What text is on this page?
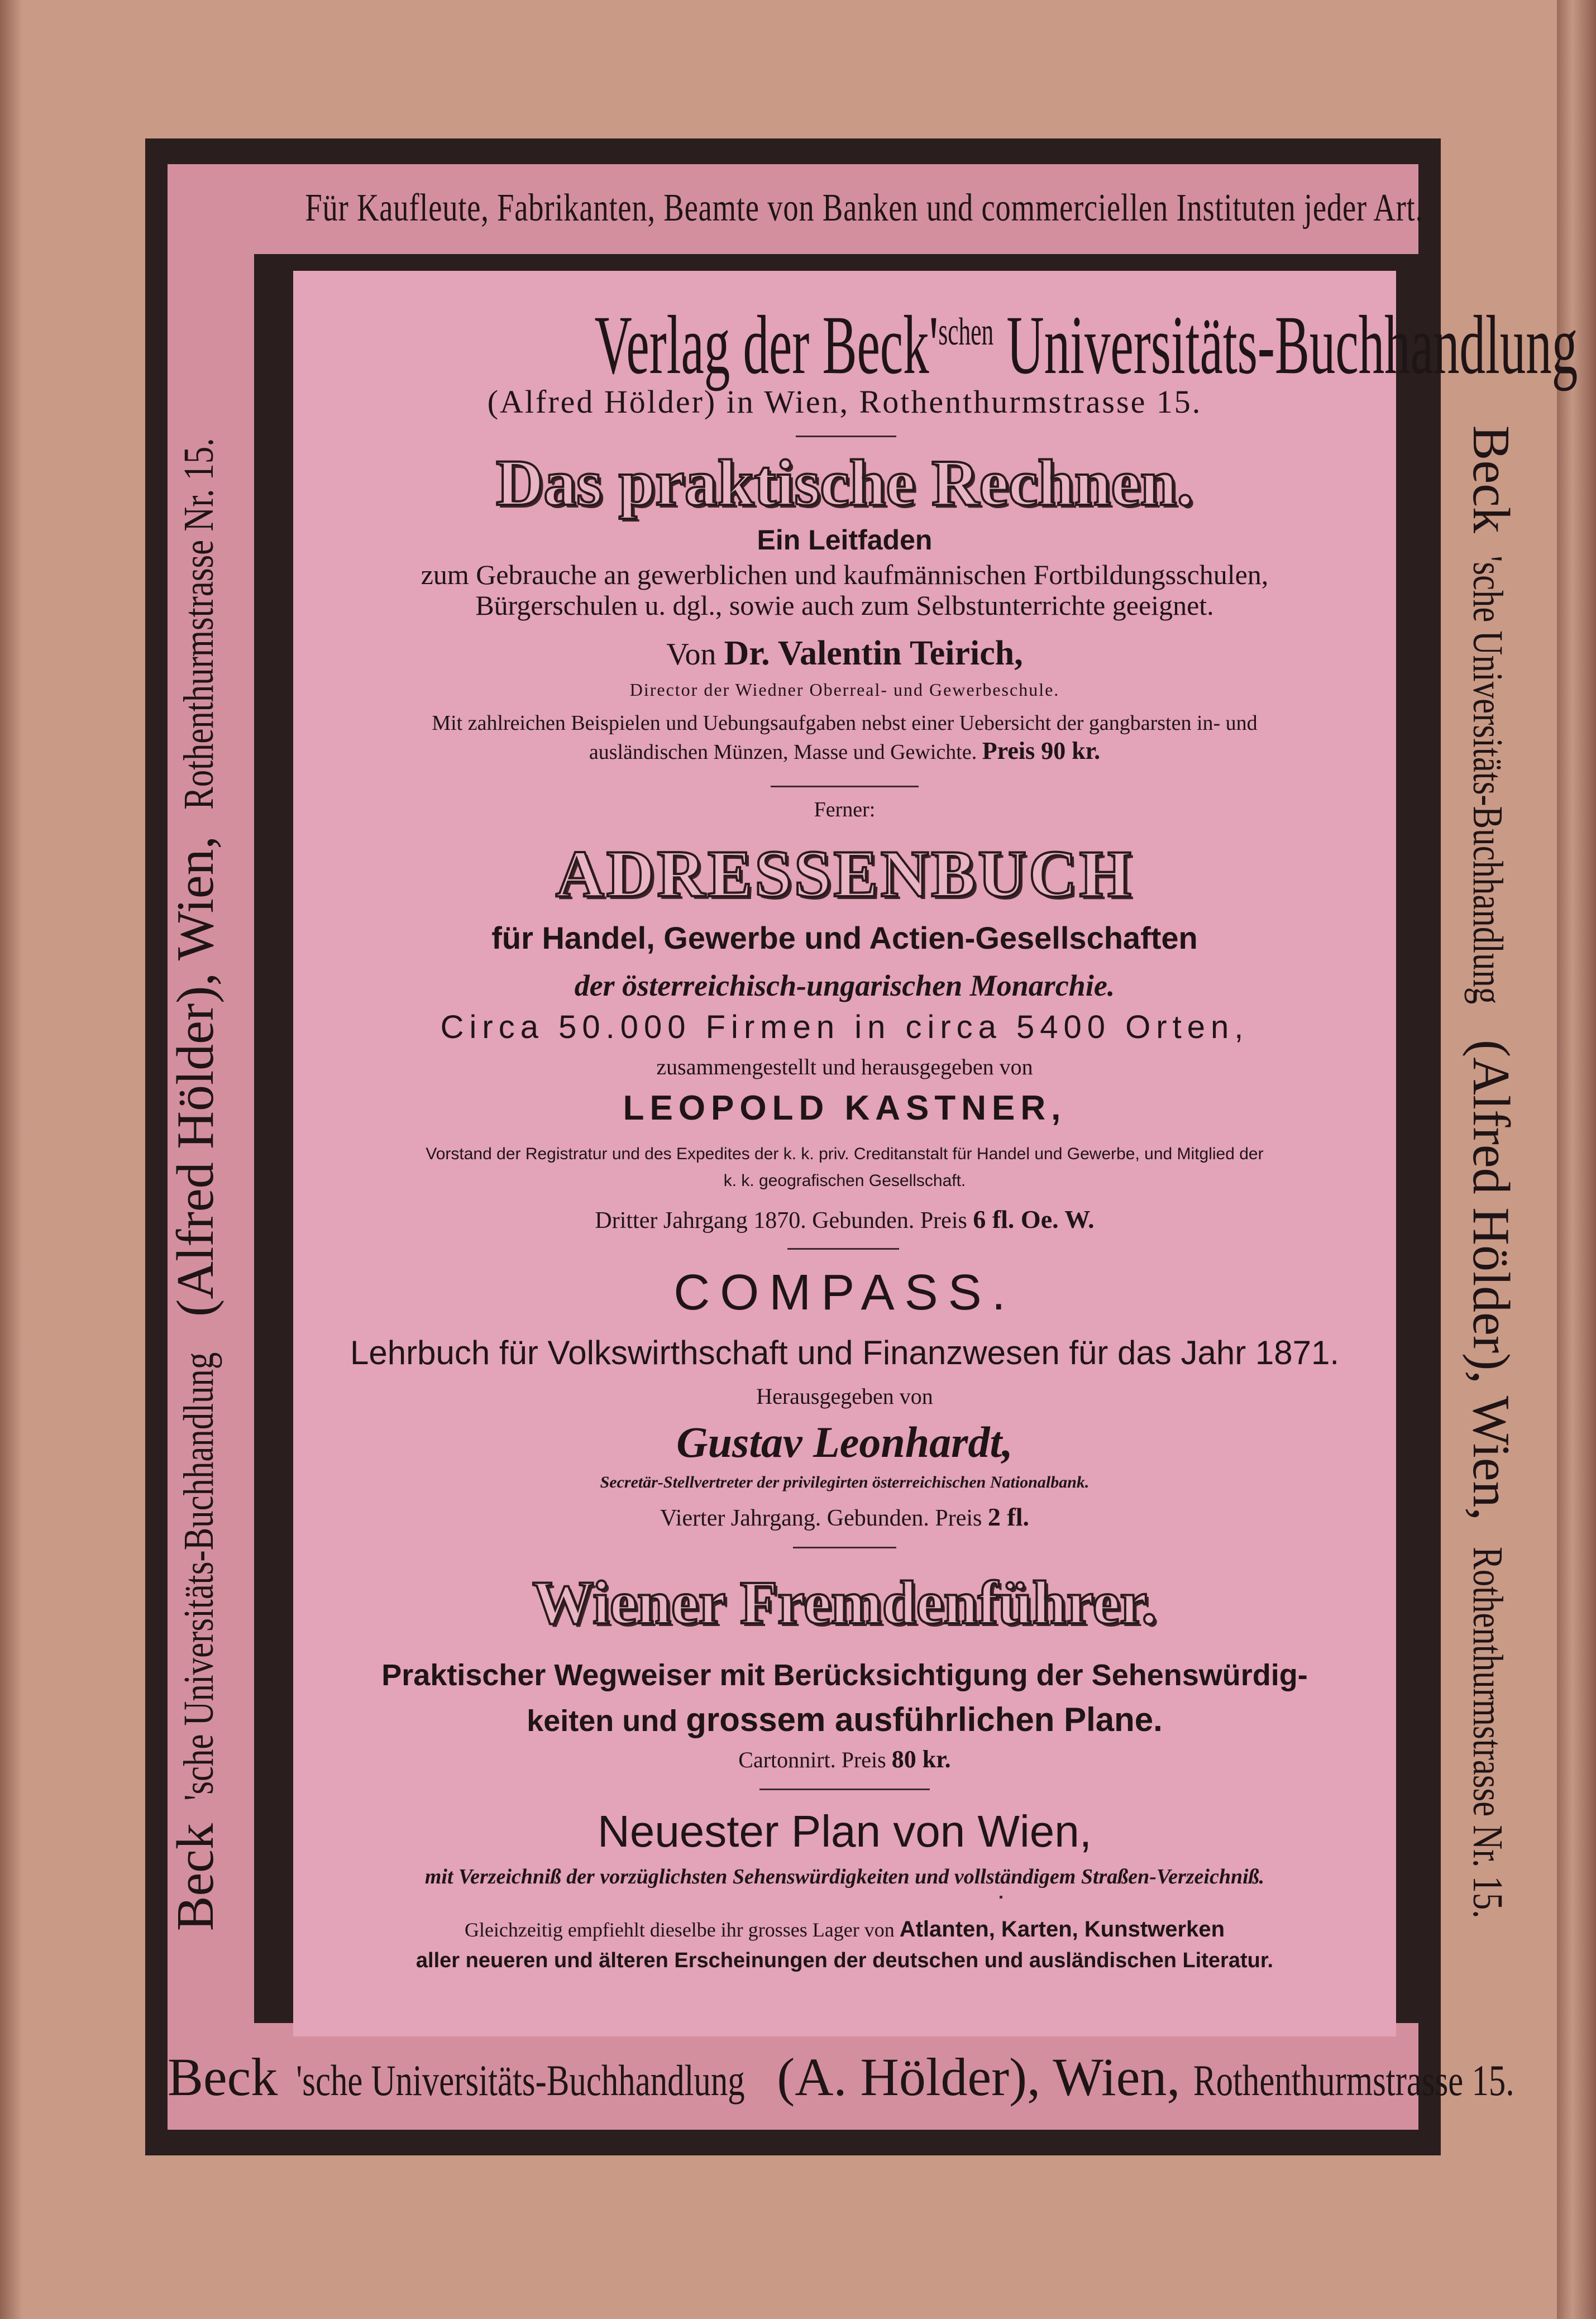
Für Kaufleute, Fabrikanten, Beamte von Banken und commerciellen Instituten jeder Art.
Beck'sche Universitäts-Buchhandlung (Alfred Hölder), Wien, Rothenthurmstrasse Nr. 15.	Beck'sche Universitäts-Buchhandlung (Alfred Hölder), Wien, Rothenthurmstrasse Nr. 15.
Beck 'sche Universitäts-Buchhandlung (A. Hölder), Wien, Rothenthurmstrasse 15.
Verlag der $Beck'^{schen}$ Universitäts-Buchhandlung
(Alfred Hölder) in Wien, Rothenthurmstrasse 15.
Das praktische Rechnen.
Ein Leitfaden
zum Gebrauche an gewerblichen und kaufmännischen Fortbildungsschulen,
Bürgerschulen u. dgl., sowie auch zum Selbstunterrichte geeignet.
Von Dr. Valentin Teirich,
Director der Wiedner Oberreal- und Gewerbeschule.
Mit zahlreichen Beispielen und Uebungsaufgaben nebst einer Uebersicht der gangbarsten in- und
ausländischen Münzen, Masse und Gewichte. Preis 90 kr.
Ferner:
ADRESSENBUCH
für Handel, Gewerbe und Actien-Gesellschaften
der österreichisch-ungarischen Monarchie.
Circa 50.000 Firmen in circa 5400 Orten,
zusammengestellt und herausgegeben von
LEOPOLD KASTNER,
Vorstand der Registratur und des Expedites der k. k. priv. Creditanstalt für Handel und Gewerbe, und Mitglied der
k. k. geografischen Gesellschaft.
Dritter Jahrgang 1870. Gebunden. Preis 6 fl. Oe. W.
COMPASS.
Lehrbuch für Volkswirthschaft und Finanzwesen für das Jahr 1871.
Herausgegeben von
Gustav Leonhardt,
Secretär-Stellvertreter der privilegirten österreichischen Nationalbank.
Vierter Jahrgang. Gebunden. Preis 2 fl.
Wiener Fremdenführer.
Praktischer Wegweiser mit Berücksichtigung der Sehenswürdig-
keiten und grossem ausführlichen Plane.
Cartonnirt. Preis 80 kr.
Neuester Plan von Wien,
mit Verzeichniß der vorzüglichsten Sehenswürdigkeiten und vollständigem Straßen-Verzeichniß.
Gleichzeitig empfiehlt dieselbe ihr grosses Lager von Atlanten, Karten, Kunstwerken
aller neueren und älteren Erscheinungen der deutschen und ausländischen Literatur.
